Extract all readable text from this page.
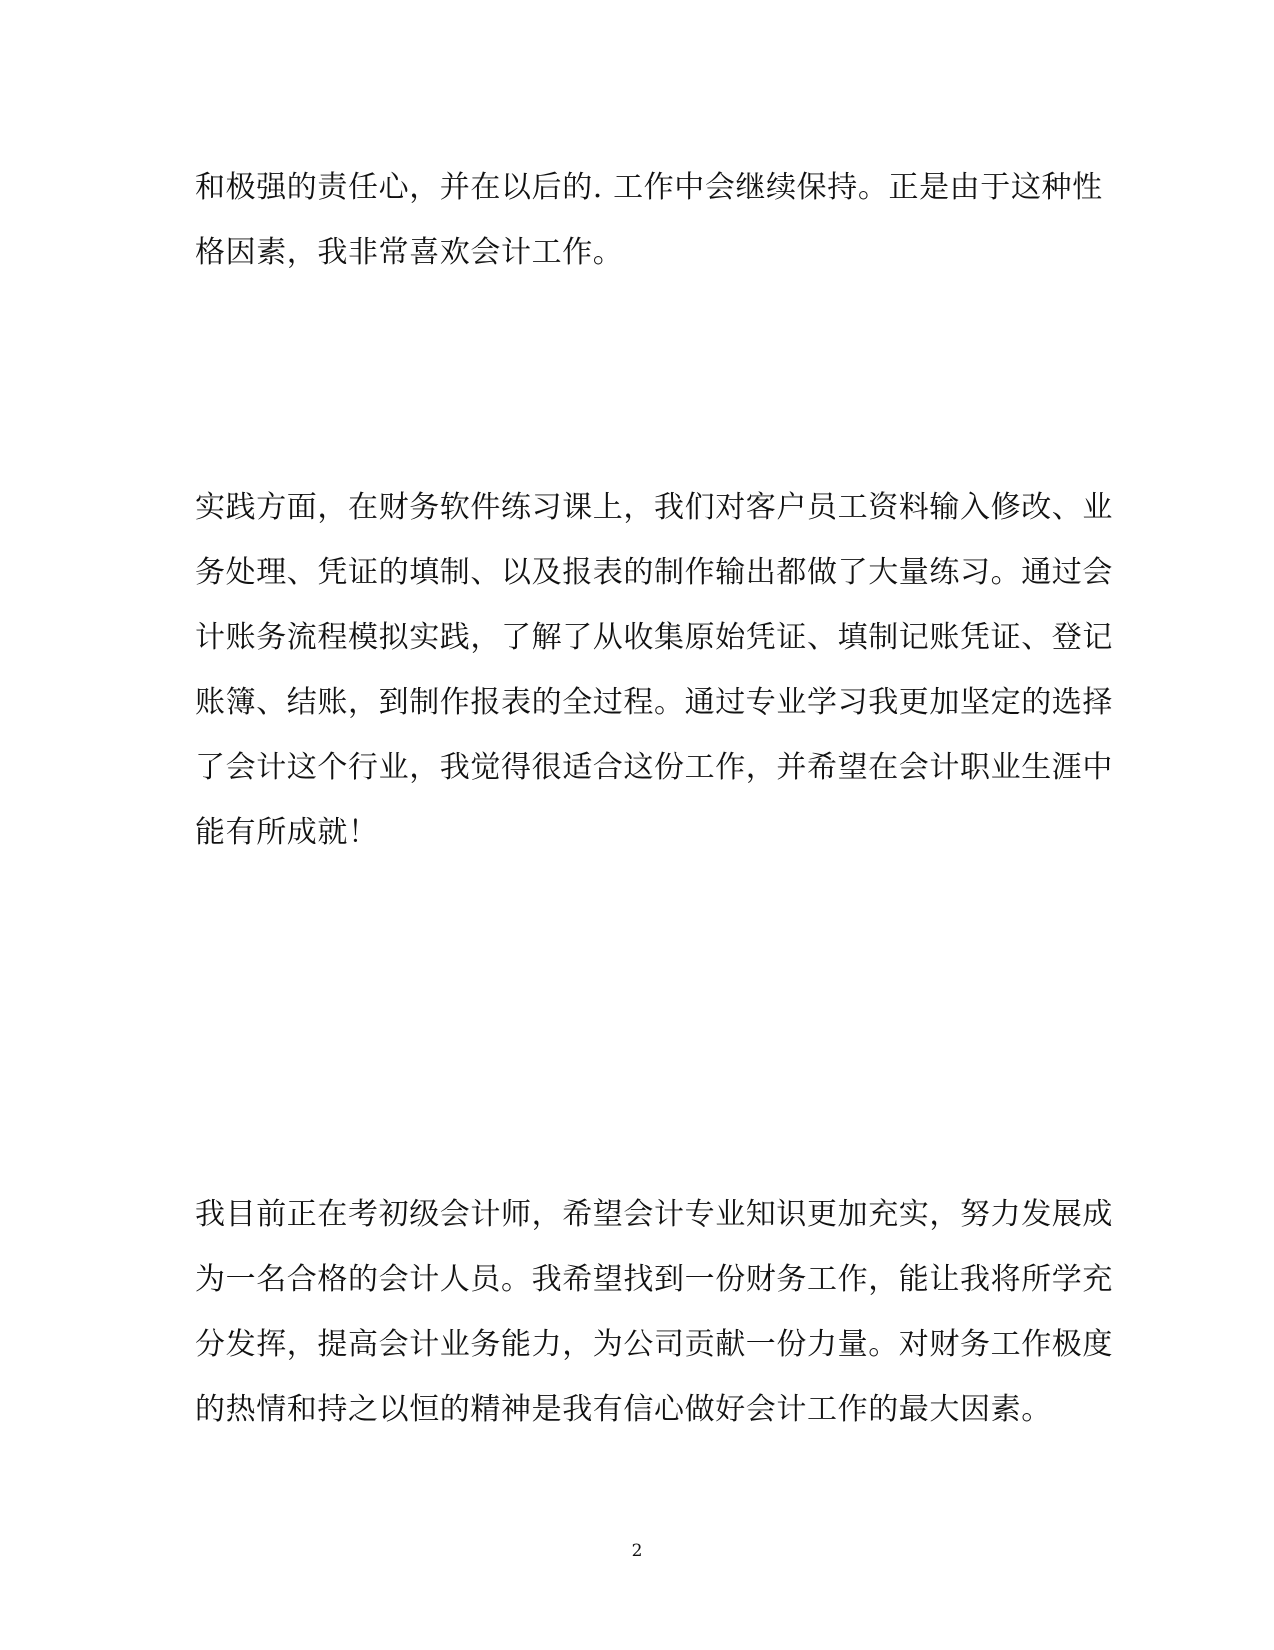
和极强的责任心，并在以后的. 工作中会继续保持。正是由于这种性
格因素，我非常喜欢会计工作。

实践方面，在财务软件练习课上，我们对客户员工资料输入修改、业
务处理、凭证的填制、以及报表的制作输出都做了大量练习。通过会
计账务流程模拟实践，了解了从收集原始凭证、填制记账凭证、登记
账簿、结账，到制作报表的全过程。通过专业学习我更加坚定的选择
了会计这个行业，我觉得很适合这份工作，并希望在会计职业生涯中
能有所成就！

我目前正在考初级会计师，希望会计专业知识更加充实，努力发展成
为一名合格的会计人员。我希望找到一份财务工作，能让我将所学充
分发挥，提高会计业务能力，为公司贡献一份力量。对财务工作极度
的热情和持之以恒的精神是我有信心做好会计工作的最大因素。

2
